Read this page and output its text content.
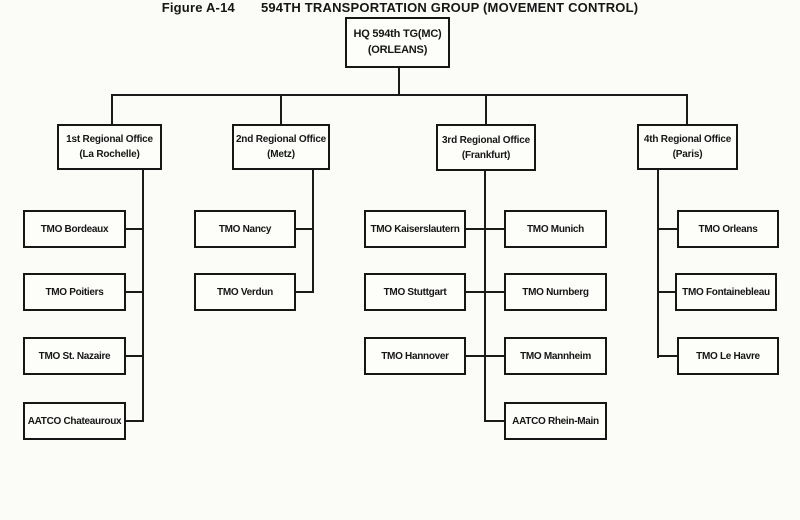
HQ 594th TG(MC)
(ORLEANS)
1st Regional Office
(La Rochelle)
2nd Regional Office
(Metz)
3rd Regional Office
(Frankfurt)
4th Regional Office
(Paris)
TMO Bordeaux
TMO Poitiers
TMO St. Nazaire
AATCO Chateauroux
TMO Nancy
TMO Verdun
TMO Kaiserslautern
TMO Stuttgart
TMO Hannover
TMO Munich
TMO Nurnberg
TMO Mannheim
AATCO Rhein-Main
TMO Orleans
TMO Fontainebleau
TMO Le Havre
Figure A-14 594TH TRANSPORTATION GROUP (MOVEMENT CONTROL)
